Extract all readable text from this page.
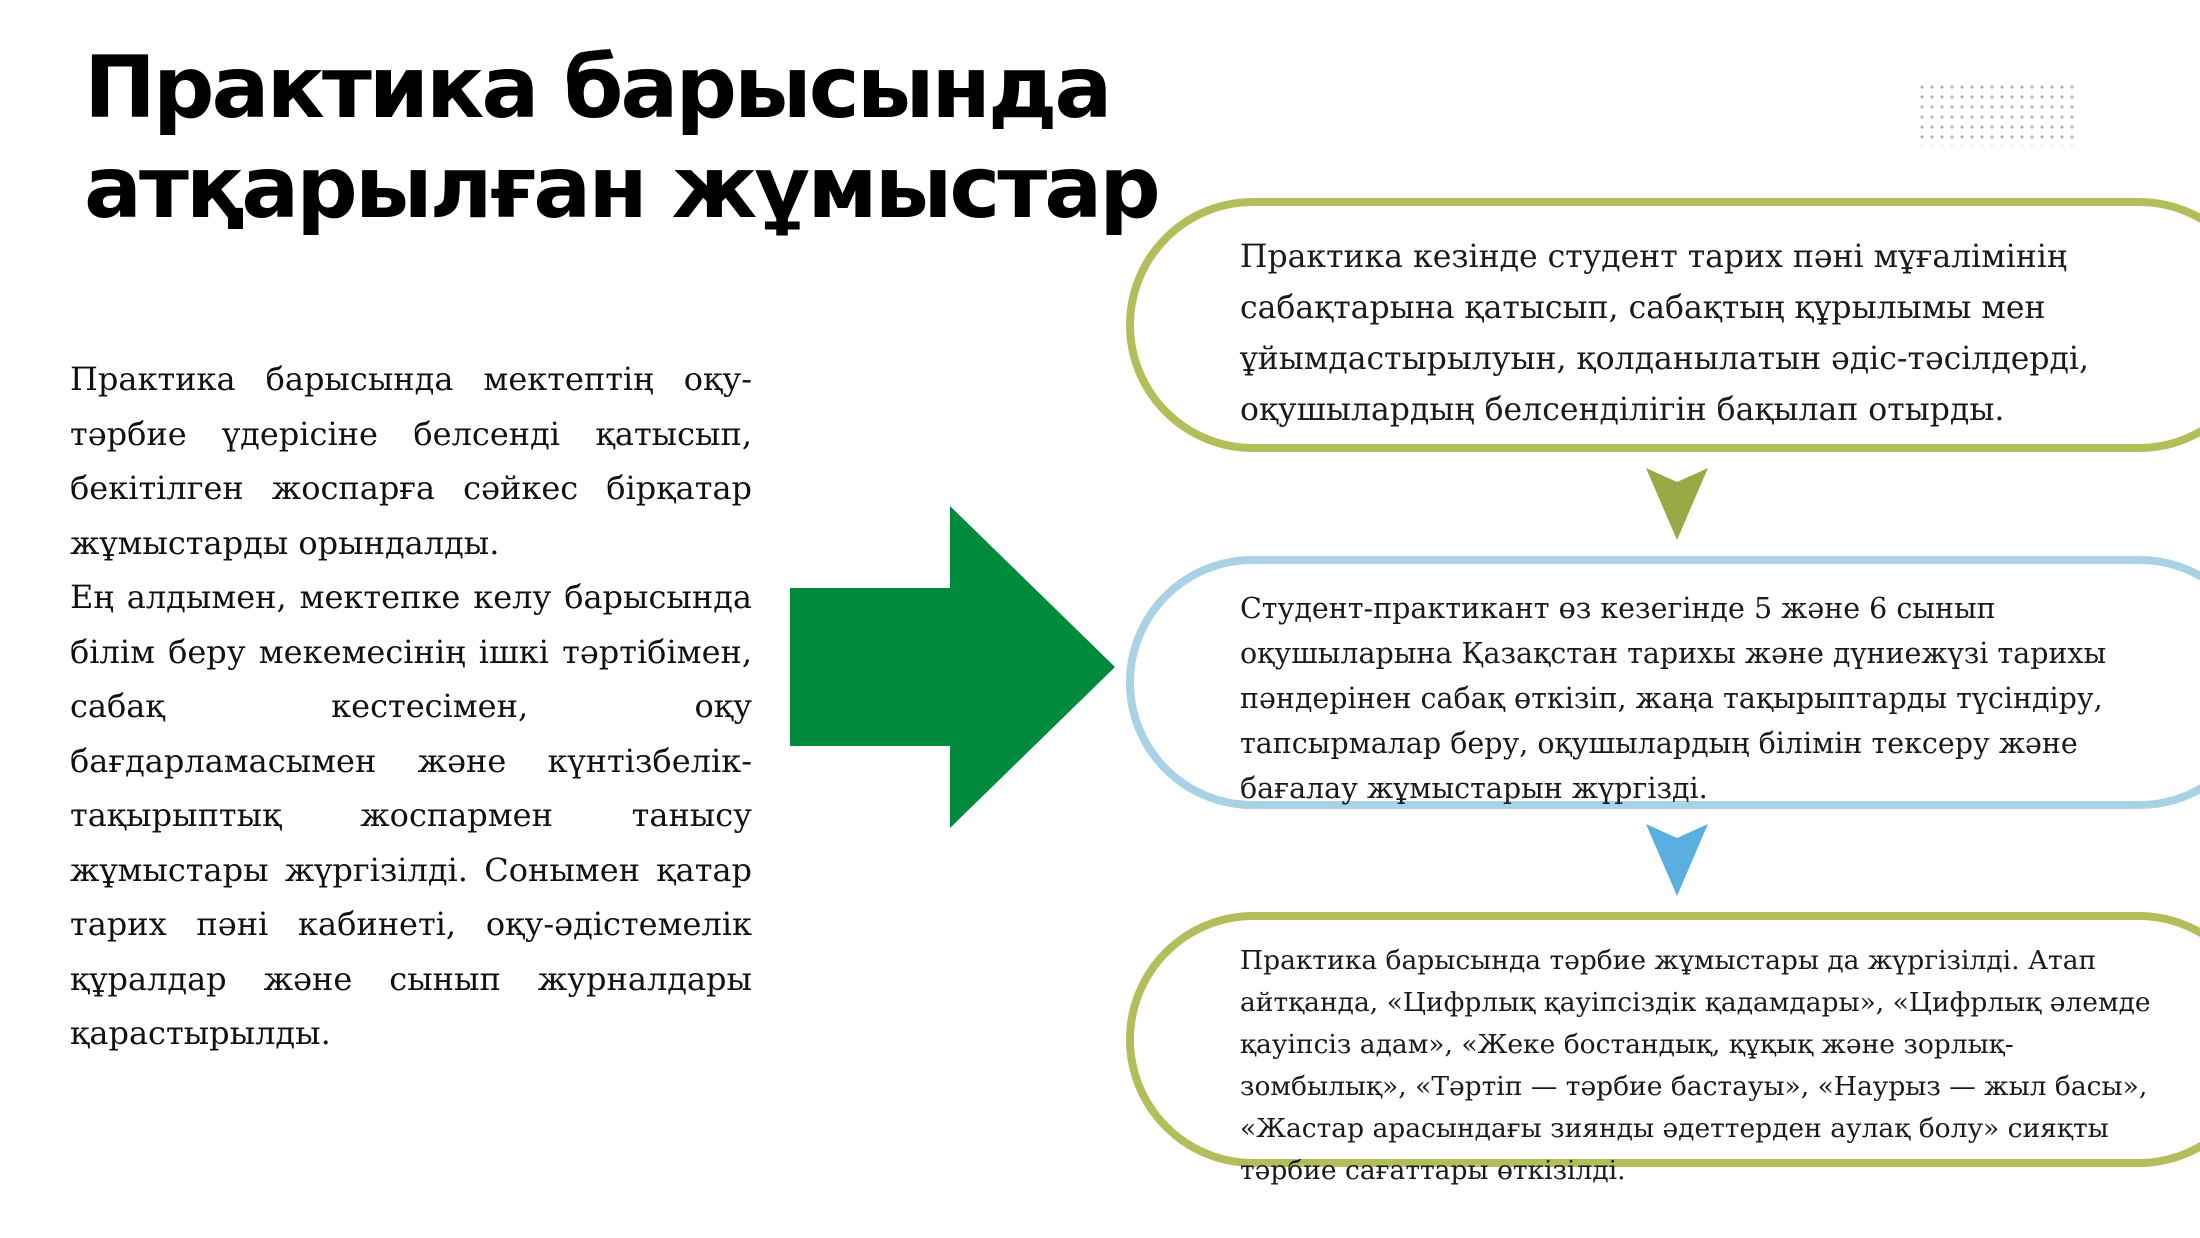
Практика барысында
атқарылған жұмыстар

Практика барысында мектептің оқу-тәрбие үдерісіне белсенді қатысып, бекітілген жоспарға сәйкес бірқатар жұмыстарды орындалды.

Ең алдымен, мектепке келу барысында білім беру мекемесінің ішкі тәртібімен, сабақ кестесімен, оқу бағдарламасымен және күнтізбелік-тақырыптық жоспармен танысу жұмыстары жүргізілді. Сонымен қатар тарих пәні кабинеті, оқу-әдістемелік құралдар және сынып журналдары қарастырылды.

Практика кезінде студент тарих пәні мұғалімінің сабақтарына қатысып, сабақтың құрылымы мен ұйымдастырылуын, қолданылатын әдіс-тәсілдерді, оқушылардың белсенділігін бақылап отырды.

Студент-практикант өз кезегінде 5 және 6 сынып оқушыларына Қазақстан тарихы және дүниежүзі тарихы пәндерінен сабақ өткізіп, жаңа тақырыптарды түсіндіру, тапсырмалар беру, оқушылардың білімін тексеру және бағалау жұмыстарын жүргізді.

Практика барысында тәрбие жұмыстары да жүргізілді. Атап айтқанда, «Цифрлық қауіпсіздік қадамдары», «Цифрлық әлемде қауіпсіз адам», «Жеке бостандық, құқық және зорлық-зомбылық», «Тәртіп — тәрбие бастауы», «Наурыз — жыл басы», «Жастар арасындағы зиянды әдеттерден аулақ болу» сияқты тәрбие сағаттары өткізілді.
